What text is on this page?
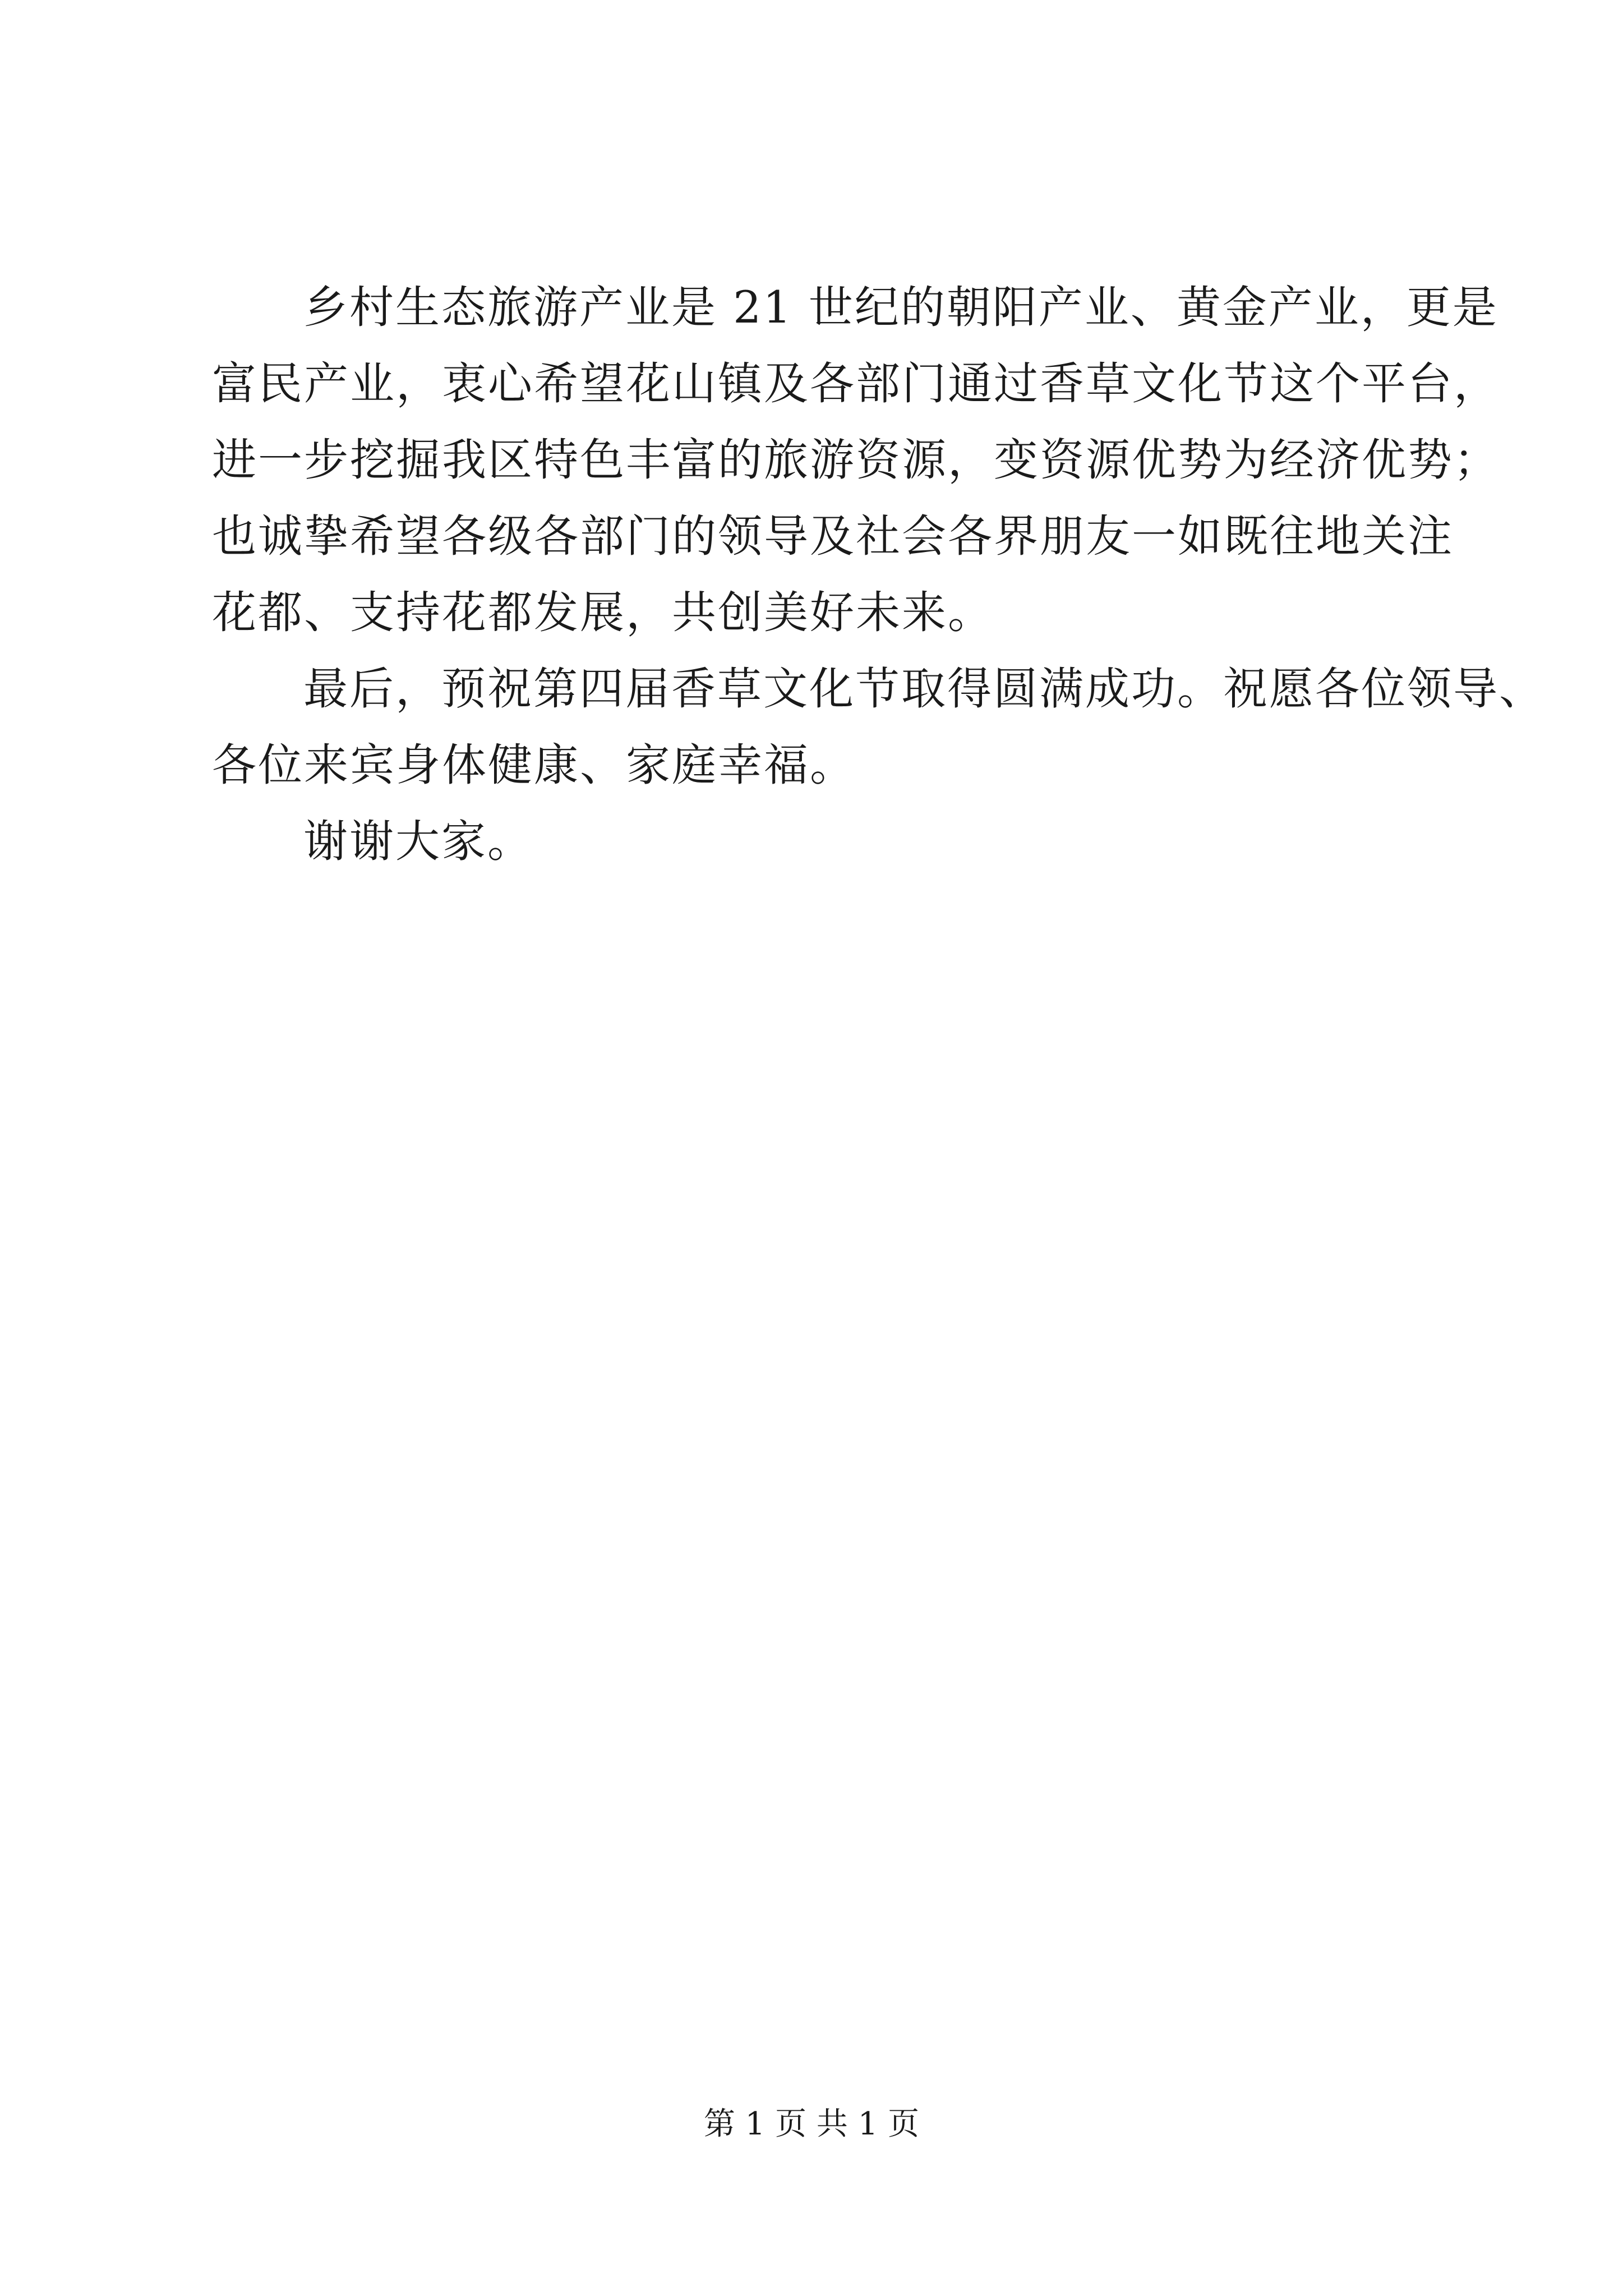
乡村生态旅游产业是 21 世纪的朝阳产业、黄金产业，更是
富民产业，衷心希望花山镇及各部门通过香草文化节这个平台，
进一步挖掘我区特色丰富的旅游资源，变资源优势为经济优势；
也诚挚希望各级各部门的领导及社会各界朋友一如既往地关注
花都、支持花都发展，共创美好未来。

最后，预祝第四届香草文化节取得圆满成功。祝愿各位领导、
各位来宾身体健康、家庭幸福。

谢谢大家。

第 1 页 共 1 页
